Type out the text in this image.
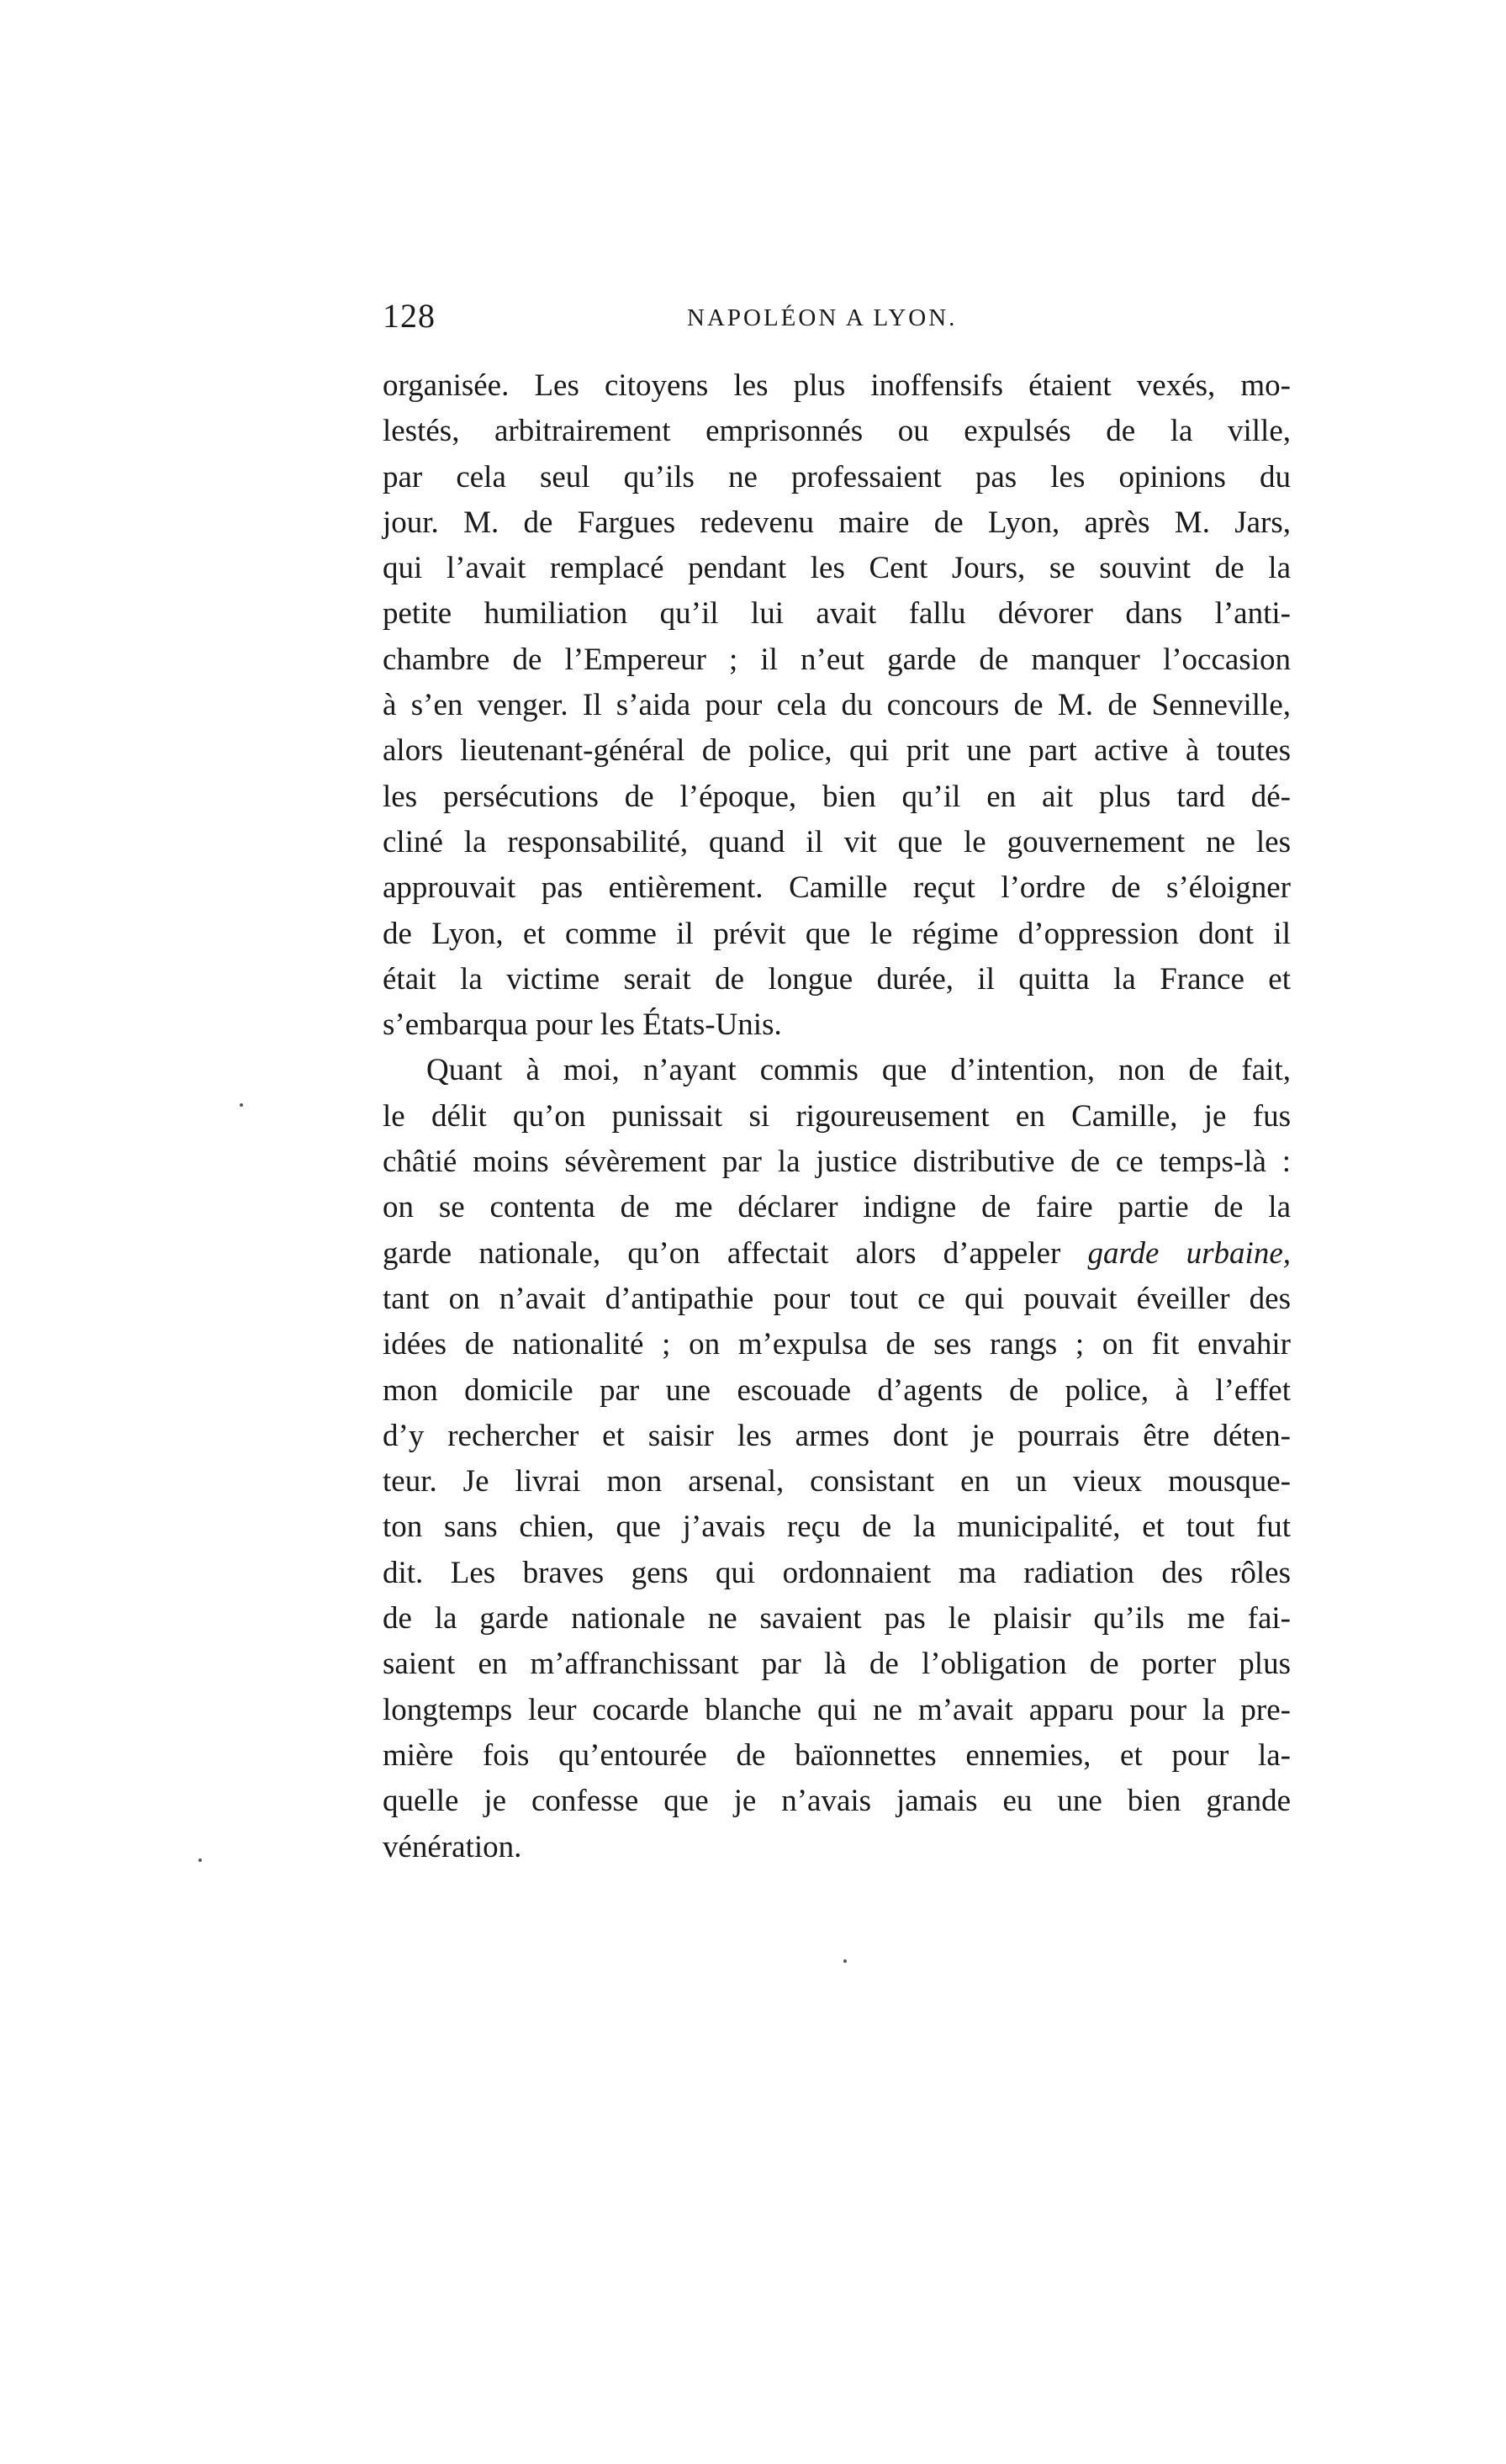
128	NAPOLÉON A LYON.
organisée. Les citoyens les plus inoffensifs étaient vexés, mo-
lestés, arbitrairement emprisonnés ou expulsés de la ville,
par cela seul qu’ils ne professaient pas les opinions du
jour. M. de Fargues redevenu maire de Lyon, après M. Jars,
qui l’avait remplacé pendant les Cent Jours, se souvint de la
petite humiliation qu’il lui avait fallu dévorer dans l’anti-
chambre de l’Empereur ; il n’eut garde de manquer l’occasion
à s’en venger. Il s’aida pour cela du concours de M. de Senneville,
alors lieutenant-général de police, qui prit une part active à toutes
les persécutions de l’époque, bien qu’il en ait plus tard dé-
cliné la responsabilité, quand il vit que le gouvernement ne les
approuvait pas entièrement. Camille reçut l’ordre de s’éloigner
de Lyon, et comme il prévit que le régime d’oppression dont il
était la victime serait de longue durée, il quitta la France et
s’embarqua pour les États-Unis.
Quant à moi, n’ayant commis que d’intention, non de fait,
le délit qu’on punissait si rigoureusement en Camille, je fus
châtié moins sévèrement par la justice distributive de ce temps-là :
on se contenta de me déclarer indigne de faire partie de la
garde nationale, qu’on affectait alors d’appeler garde urbaine,
tant on n’avait d’antipathie pour tout ce qui pouvait éveiller des
idées de nationalité ; on m’expulsa de ses rangs ; on fit envahir
mon domicile par une escouade d’agents de police, à l’effet
d’y rechercher et saisir les armes dont je pourrais être déten-
teur. Je livrai mon arsenal, consistant en un vieux mousque-
ton sans chien, que j’avais reçu de la municipalité, et tout fut
dit. Les braves gens qui ordonnaient ma radiation des rôles
de la garde nationale ne savaient pas le plaisir qu’ils me fai-
saient en m’affranchissant par là de l’obligation de porter plus
longtemps leur cocarde blanche qui ne m’avait apparu pour la pre-
mière fois qu’entourée de baïonnettes ennemies, et pour la-
quelle je confesse que je n’avais jamais eu une bien grande
vénération.
